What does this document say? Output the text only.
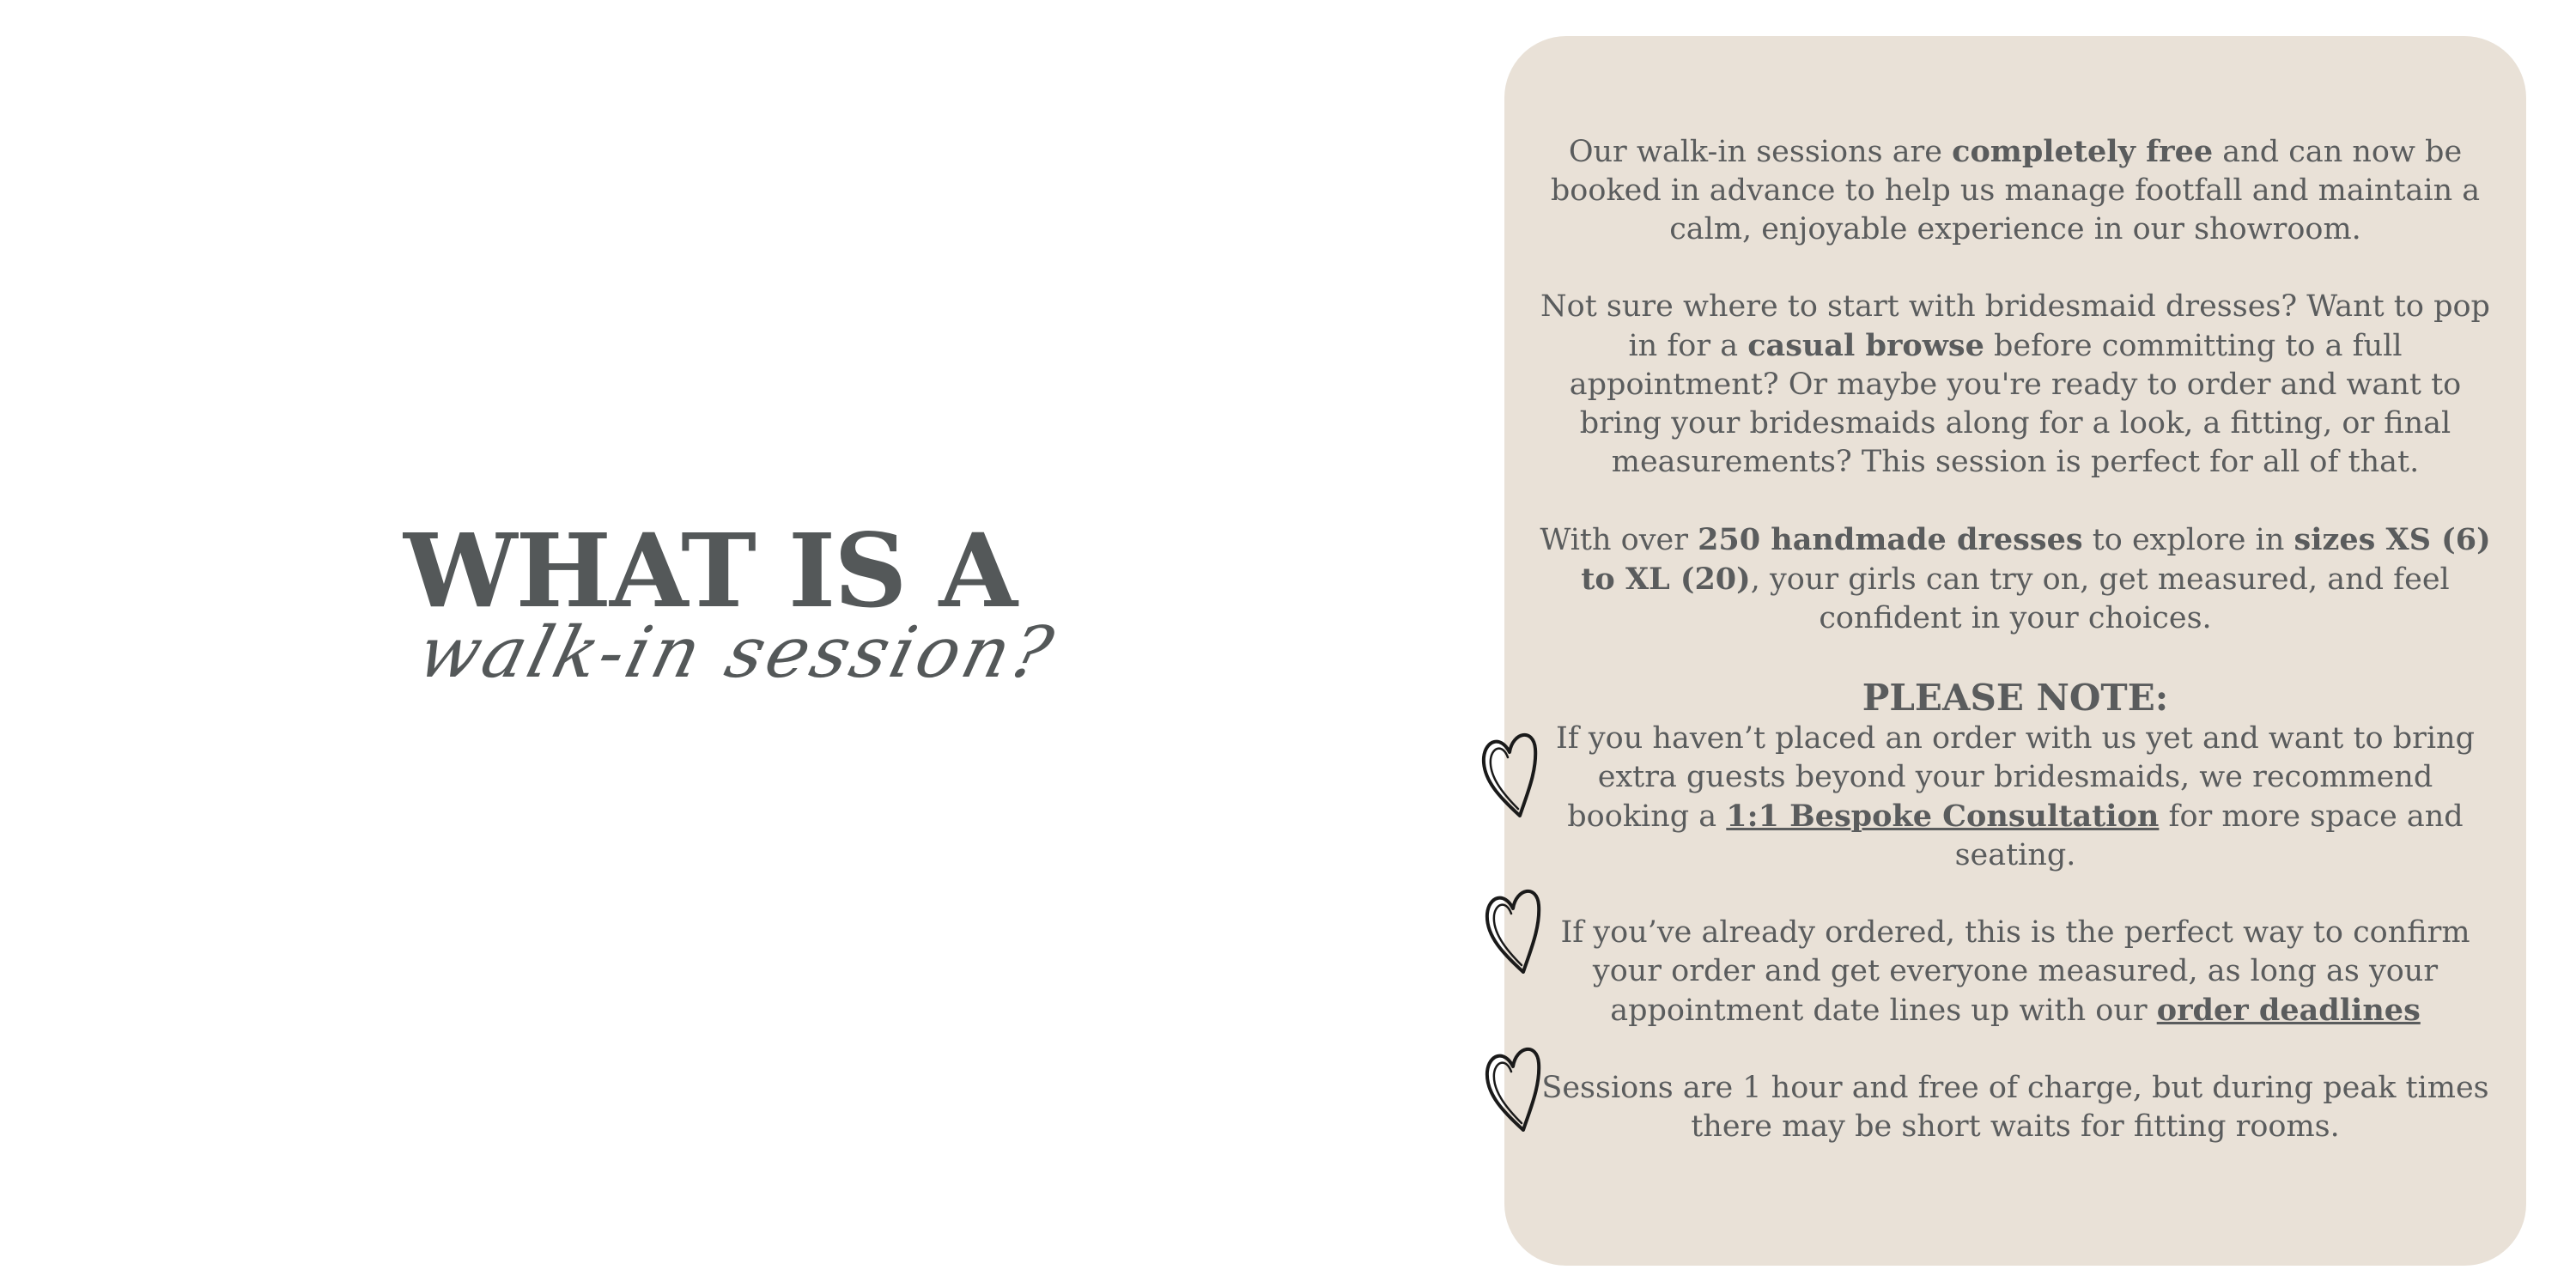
WHAT IS A
walk-in session?

Our walk-in sessions are completely free and can now be booked in advance to help us manage footfall and maintain a calm, enjoyable experience in our showroom.

Not sure where to start with bridesmaid dresses? Want to pop in for a casual browse before committing to a full appointment? Or maybe you're ready to order and want to bring your bridesmaids along for a look, a fitting, or final measurements? This session is perfect for all of that.

With over 250 handmade dresses to explore in sizes XS (6) to XL (20), your girls can try on, get measured, and feel confident in your choices.

PLEASE NOTE:

If you haven’t placed an order with us yet and want to bring extra guests beyond your bridesmaids, we recommend booking a 1:1 Bespoke Consultation for more space and seating.

If you’ve already ordered, this is the perfect way to confirm your order and get everyone measured, as long as your appointment date lines up with our order deadlines

Sessions are 1 hour and free of charge, but during peak times there may be short waits for fitting rooms.
